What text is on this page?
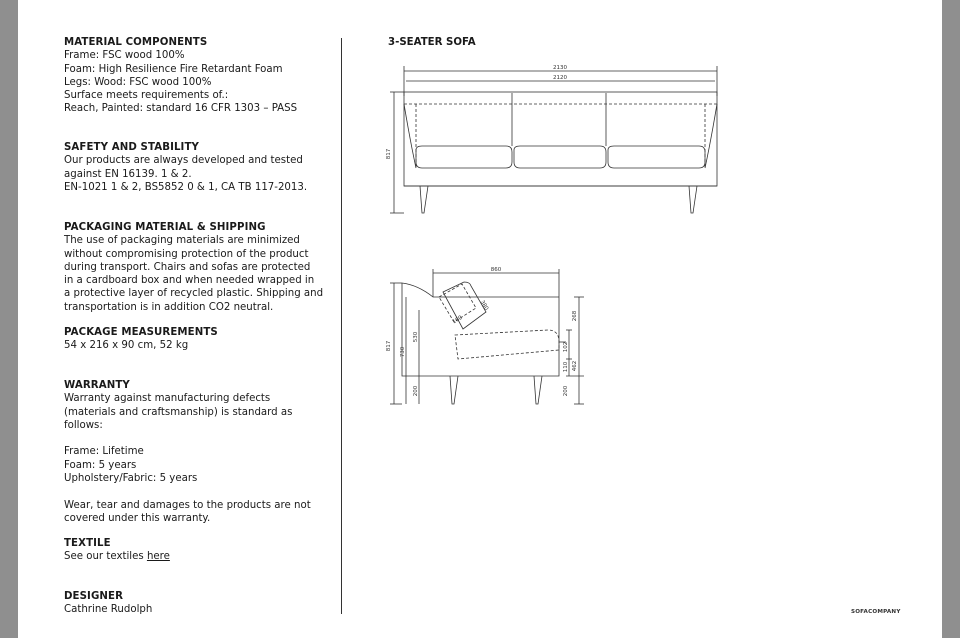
MATERIAL COMPONENTS

Frame: FSC wood 100%
Foam: High Resilience Fire Retardant Foam
Legs: Wood: FSC wood 100%
Surface meets requirements of.:
Reach, Painted: standard 16 CFR 1303 – PASS

SAFETY AND STABILITY

Our products are always developed and tested
against EN 16139. 1 & 2.
EN-1021 1 & 2, BS5852 0 & 1, CA TB 117-2013.

PACKAGING MATERIAL & SHIPPING

The use of packaging materials are minimized
without compromising protection of the product
during transport. Chairs and sofas are protected
in a cardboard box and when needed wrapped in
a protective layer of recycled plastic. Shipping and
transportation is in addition CO2 neutral.

PACKAGE MEASUREMENTS

54 x 216 x 90 cm, 52 kg

WARRANTY

Warranty against manufacturing defects
(materials and craftsmanship) is standard as follows:

Frame: Lifetime
Foam: 5 years
Upholstery/Fabric: 5 years

Wear, tear and damages to the products are not
covered under this warranty.

TEXTILE

See our textiles here

DESIGNER

Cathrine Rudolph

3-SEATER SOFA
2130
2120
817
860
817
730
530
200
160
380
268
102
110 462
200
SOFACOMPANY
